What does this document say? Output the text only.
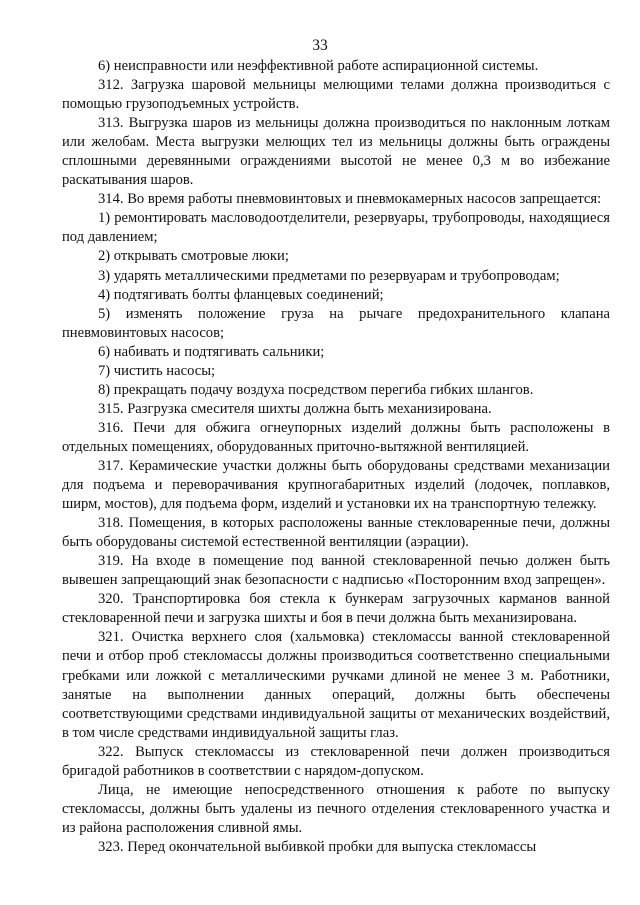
33

6) неисправности или неэффективной работе аспирационной системы.

312. Загрузка шаровой мельницы мелющими телами должна производиться с помощью грузоподъемных устройств.

313. Выгрузка шаров из мельницы должна производиться по наклонным лоткам или желобам. Места выгрузки мелющих тел из мельницы должны быть ограждены сплошными деревянными ограждениями высотой не менее 0,3 м во избежание раскатывания шаров.

314. Во время работы пневмовинтовых и пневмокамерных насосов запрещается:

1) ремонтировать масловодоотделители, резервуары, трубопроводы, находящиеся под давлением;

2) открывать смотровые люки;

3) ударять металлическими предметами по резервуарам и трубопроводам;

4) подтягивать болты фланцевых соединений;

5) изменять положение груза на рычаге предохранительного клапана пневмовинтовых насосов;

6) набивать и подтягивать сальники;

7) чистить насосы;

8) прекращать подачу воздуха посредством перегиба гибких шлангов.

315. Разгрузка смесителя шихты должна быть механизирована.

316. Печи для обжига огнеупорных изделий должны быть расположены в отдельных помещениях, оборудованных приточно-вытяжной вентиляцией.

317. Керамические участки должны быть оборудованы средствами механизации для подъема и переворачивания крупногабаритных изделий (лодочек, поплавков, ширм, мостов), для подъема форм, изделий и установки их на транспортную тележку.

318. Помещения, в которых расположены ванные стекловаренные печи, должны быть оборудованы системой естественной вентиляции (аэрации).

319. На входе в помещение под ванной стекловаренной печью должен быть вывешен запрещающий знак безопасности с надписью «Посторонним вход запрещен».

320. Транспортировка боя стекла к бункерам загрузочных карманов ванной стекловаренной печи и загрузка шихты и боя в печи должна быть механизирована.

321. Очистка верхнего слоя (хальмовка) стекломассы ванной стекловаренной печи и отбор проб стекломассы должны производиться соответственно специальными гребками или ложкой с металлическими ручками длиной не менее 3 м. Работники, занятые на выполнении данных операций, должны быть обеспечены соответствующими средствами индивидуальной защиты от механических воздействий, в том числе средствами индивидуальной защиты глаз.

322. Выпуск стекломассы из стекловаренной печи должен производиться бригадой работников в соответствии с нарядом-допуском.

Лица, не имеющие непосредственного отношения к работе по выпуску стекломассы, должны быть удалены из печного отделения стекловаренного участка и из района расположения сливной ямы.

323. Перед окончательной выбивкой пробки для выпуска стекломассы
